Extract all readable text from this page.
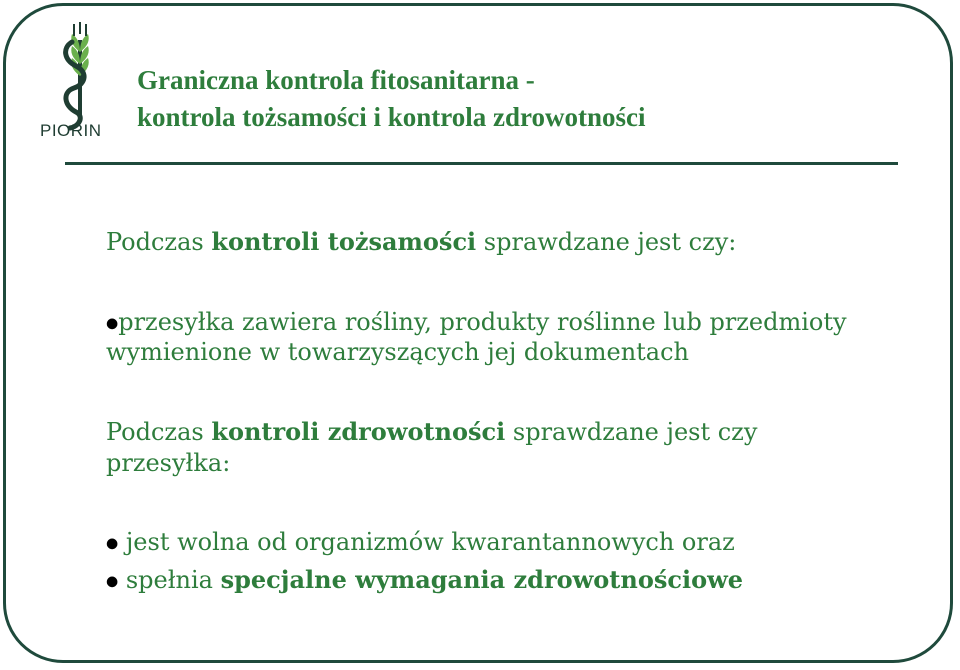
PIORIN
Graniczna kontrola fitosanitarna -
kontrola tożsamości i kontrola zdrowotności
Podczas kontroli tożsamości sprawdzane jest czy:
●przesyłka zawiera rośliny, produkty roślinne lub przedmioty
wymienione w towarzyszących jej dokumentach
Podczas kontroli zdrowotności sprawdzane jest czy
przesyłka:
● jest wolna od organizmów kwarantannowych oraz
● spełnia specjalne wymagania zdrowotnościowe
